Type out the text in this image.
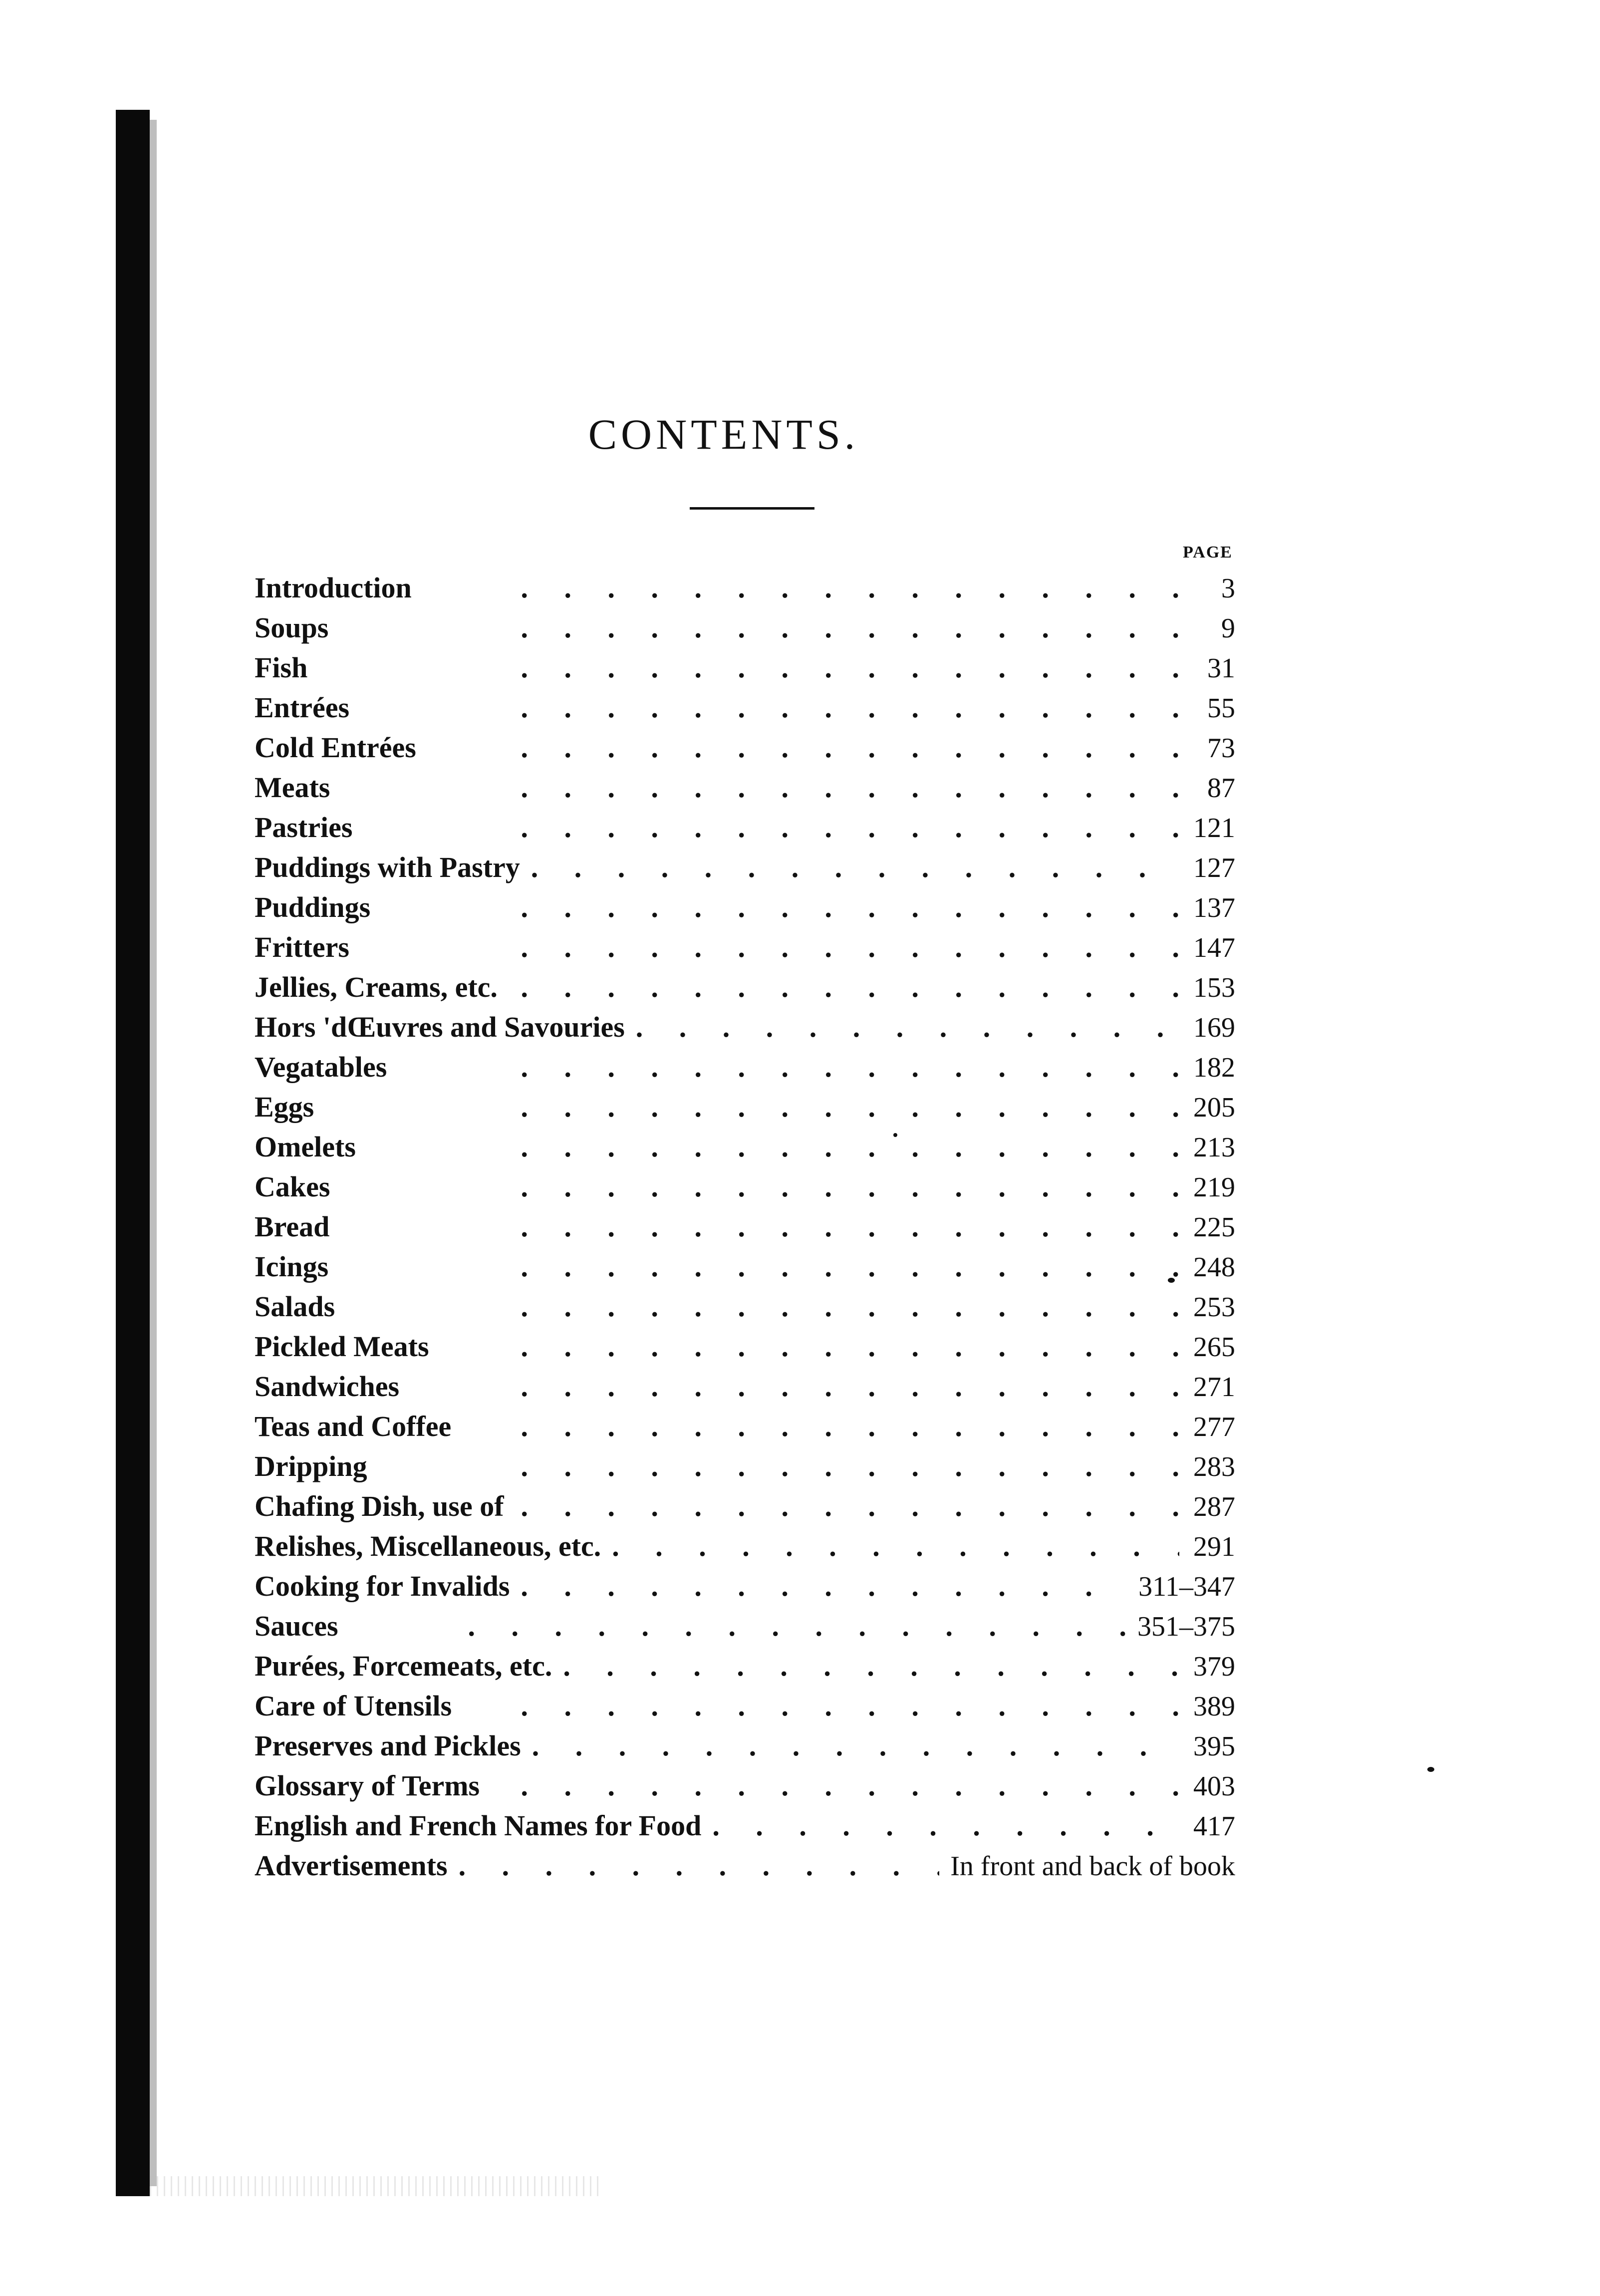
CONTENTS.
PAGE
Introduction .	3
Soups .	9
Fish .	31
Entrées .	55
Cold Entrées .	73
Meats .	87
Pastries .	121
Puddings with Pastry .	127
Puddings .	137
Fritters .	147
Jellies, Creams, etc. .	153
Hors 'dŒuvres and Savouries .	169
Vegatables .	182
Eggs .	205
Omelets .	213
Cakes .	219
Bread .	225
Icings .	248
Salads .	253
Pickled Meats .	265
Sandwiches .	271
Teas and Coffee .	277
Dripping .	283
Chafing Dish, use of .	287
Relishes, Miscellaneous, etc. .	291
Cooking for Invalids .	311–347
Sauces .	351–375
Purées, Forcemeats, etc. .	379
Care of Utensils .	389
Preserves and Pickles .	395
Glossary of Terms .	403
English and French Names for Food .	417
Advertisements .	In front and back of book
